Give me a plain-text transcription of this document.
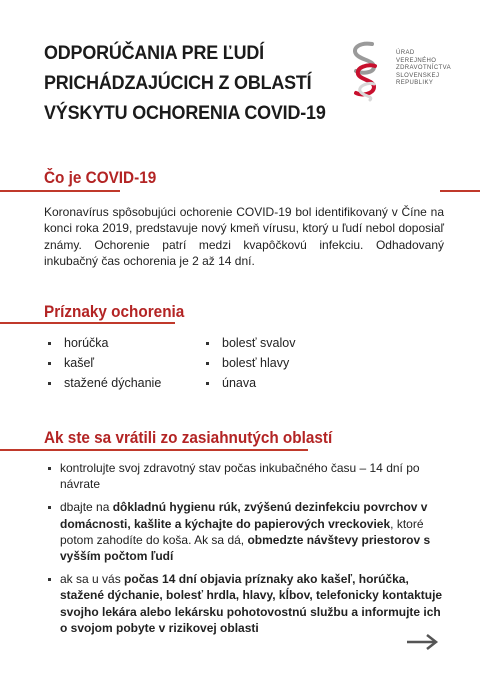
ODPORÚČANIA PRE ĽUDÍ
PRICHÁDZAJÚCICH Z OBLASTÍ
VÝSKYTU OCHORENIA COVID-19
ÚRAD
VEREJNÉHO
ZDRAVOTNÍCTVA
SLOVENSKEJ
REPUBLIKY
Čo je COVID-19
Koronavírus spôsobujúci ochorenie COVID-19 bol identifikovaný v Číne na konci roka 2019, predstavuje nový kmeň vírusu, ktorý u ľudí nebol doposiaľ známy. Ochorenie patrí medzi kvapôčkovú infekciu. Odhadovaný inkubačný čas ochorenia je 2 až 14 dní.
Príznaky ochorenia
horúčka
kašeľ
stažené dýchanie
bolesť svalov
bolesť hlavy
únava
Ak ste sa vrátili zo zasiahnutých oblastí
kontrolujte svoj zdravotný stav počas inkubačného času – 14 dní po návrate
dbajte na dôkladnú hygienu rúk, zvýšenú dezinfekciu povrchov v domácnosti, kašlite a kýchajte do papierových vreckoviek, ktoré potom zahodíte do koša. Ak sa dá, obmedzte návštevy priestorov s vyšším počtom ľudí
ak sa u vás počas 14 dní objavia príznaky ako kašeľ, horúčka, stažené dýchanie, bolesť hrdla, hlavy, kĺbov, telefonicky kontaktuje svojho lekára alebo lekársku pohotovostnú službu a informujte ich o svojom pobyte v rizikovej oblasti
